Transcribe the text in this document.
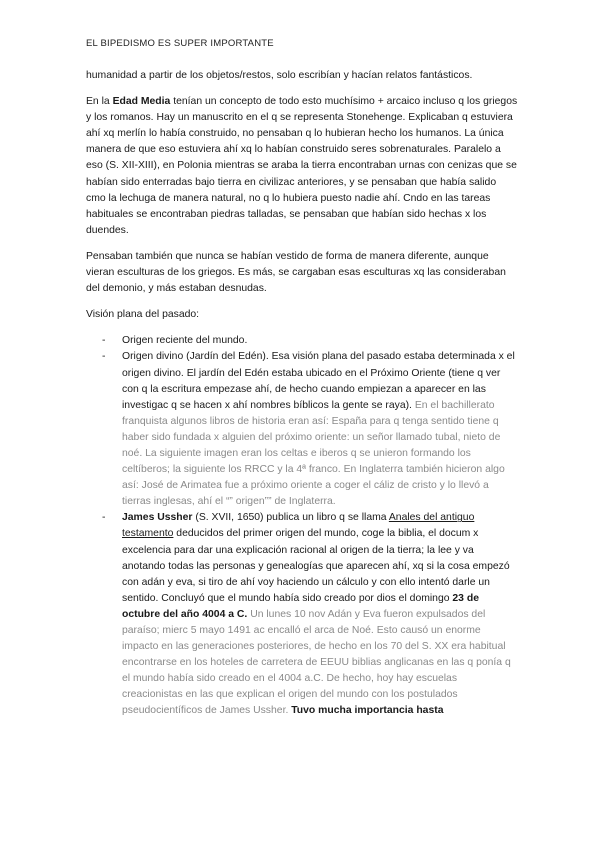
EL BIPEDISMO ES SUPER IMPORTANTE

humanidad a partir de los objetos/restos, solo escribían y hacían relatos fantásticos.

En la Edad Media tenían un concepto de todo esto muchísimo + arcaico incluso q los griegos y los romanos. Hay un manuscrito en el q se representa Stonehenge. Explicaban q estuviera ahí xq merlín lo había construido, no pensaban q lo hubieran hecho los humanos. La única manera de que eso estuviera ahí xq lo habían construido seres sobrenaturales. Paralelo a eso (S. XII-XIII), en Polonia mientras se araba la tierra encontraban urnas con cenizas que se habían sido enterradas bajo tierra en civilizac anteriores, y se pensaban que había salido cmo la lechuga de manera natural, no q lo hubiera puesto nadie ahí. Cndo en las tareas habituales se encontraban piedras talladas, se pensaban que habían sido hechas x los duendes.

Pensaban también que nunca se habían vestido de forma de manera diferente, aunque vieran esculturas de los griegos. Es más, se cargaban esas esculturas xq las consideraban del demonio, y más estaban desnudas.

Visión plana del pasado:

- Origen reciente del mundo.
- Origen divino (Jardín del Edén). Esa visión plana del pasado estaba determinada x el origen divino. El jardín del Edén estaba ubicado en el Próximo Oriente (tiene q ver con q la escritura empezase ahí, de hecho cuando empiezan a aparecer en las investigac q se hacen x ahí nombres bíblicos la gente se raya). En el bachillerato franquista algunos libros de historia eran así: España para q tenga sentido tiene q haber sido fundada x alguien del próximo oriente: un señor llamado tubal, nieto de noé. La siguiente imagen eran los celtas e iberos q se unieron formando los celtíberos; la siguiente los RRCC y la 4ª franco. En Inglaterra también hicieron algo así: José de Arimatea fue a próximo oriente a coger el cáliz de cristo y lo llevó a tierras inglesas, ahí el “” origen”” de Inglaterra.
- James Ussher (S. XVII, 1650) publica un libro q se llama Anales del antiguo testamento deducidos del primer origen del mundo, coge la biblia, el docum x excelencia para dar una explicación racional al origen de la tierra; la lee y va anotando todas las personas y genealogías que aparecen ahí, xq si la cosa empezó con adán y eva, si tiro de ahí voy haciendo un cálculo y con ello intentó darle un sentido. Concluyó que el mundo había sido creado por dios el domingo 23 de octubre del año 4004 a C. Un lunes 10 nov Adán y Eva fueron expulsados del paraíso; mierc 5 mayo 1491 ac encalló el arca de Noé. Esto causó un enorme impacto en las generaciones posteriores, de hecho en los 70 del S. XX era habitual encontrarse en los hoteles de carretera de EEUU biblias anglicanas en las q ponía q el mundo había sido creado en el 4004 a.C. De hecho, hoy hay escuelas creacionistas en las que explican el origen del mundo con los postulados pseudocientíficos de James Ussher. Tuvo mucha importancia hasta
